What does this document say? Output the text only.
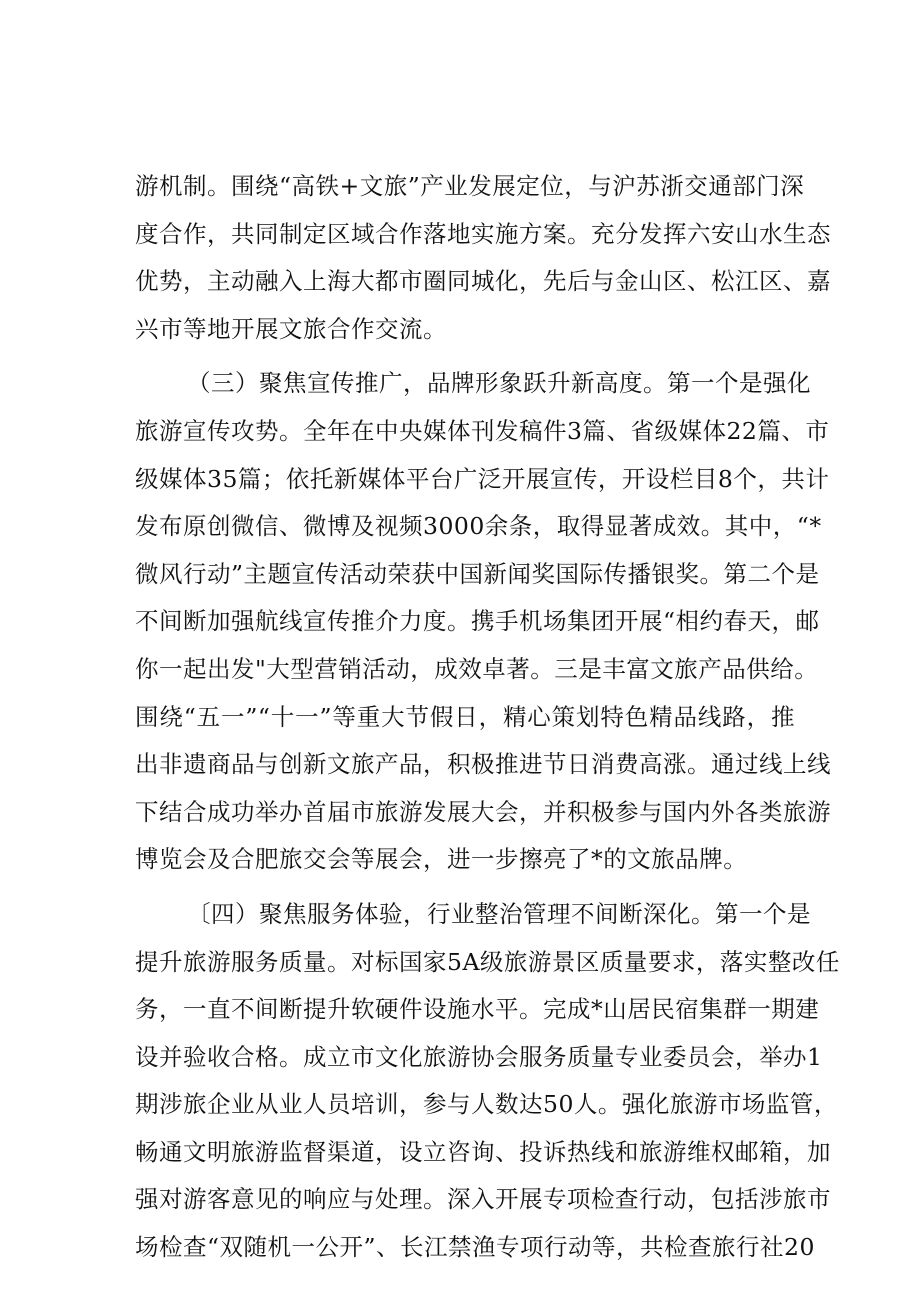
游机制。围绕“高铁+文旅”产业发展定位，与沪苏浙交通部门深
度合作，共同制定区域合作落地实施方案。充分发挥六安山水生态
优势，主动融入上海大都市圈同城化，先后与金山区、松江区、嘉
兴市等地开展文旅合作交流。
（三）聚焦宣传推广，品牌形象跃升新高度。第一个是强化
旅游宣传攻势。全年在中央媒体刊发稿件3篇、省级媒体22篇、市
级媒体35篇；依托新媒体平台广泛开展宣传，开设栏目8个，共计
发布原创微信、微博及视频3000余条，取得显著成效。其中，“*
微风行动”主题宣传活动荣获中国新闻奖国际传播银奖。第二个是
不间断加强航线宣传推介力度。携手机场集团开展“相约春天，邮
你一起出发"大型营销活动，成效卓著。三是丰富文旅产品供给。
围绕“五一”“十一”等重大节假日，精心策划特色精品线路，推
出非遗商品与创新文旅产品，积极推进节日消费高涨。通过线上线
下结合成功举办首届市旅游发展大会，并积极参与国内外各类旅游
博览会及合肥旅交会等展会，进一步擦亮了*的文旅品牌。
〔四）聚焦服务体验，行业整治管理不间断深化。第一个是
提升旅游服务质量。对标国家5A级旅游景区质量要求，落实整改任
务，一直不间断提升软硬件设施水平。完成*山居民宿集群一期建
设并验收合格。成立市文化旅游协会服务质量专业委员会，举办1
期涉旅企业从业人员培训，参与人数达50人。强化旅游市场监管，
畅通文明旅游监督渠道，设立咨询、投诉热线和旅游维权邮箱，加
强对游客意见的响应与处理。深入开展专项检查行动，包括涉旅市
场检查“双随机一公开”、长江禁渔专项行动等，共检查旅行社20
